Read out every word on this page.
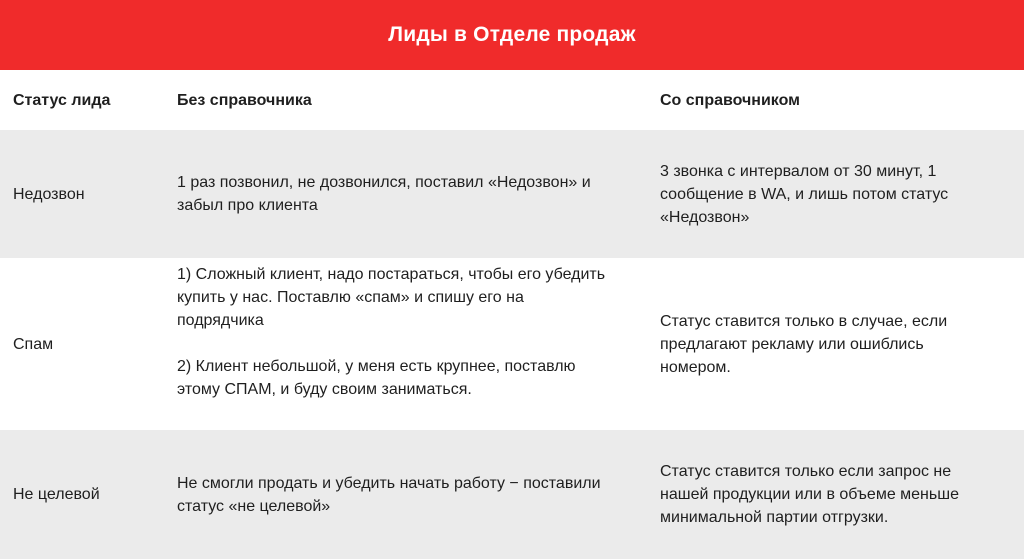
Лиды в Отделе продаж
Статус лида	Без справочника	Со справочником
Недозвон
1 раз позвонил, не дозвонился, поставил «Недозвон» и
забыл про клиента
3 звонка с интервалом от 30 минут, 1
сообщение в WA, и лишь потом статус
«Недозвон»
Спам
1) Сложный клиент, надо постараться, чтобы его убедить
купить у нас. Поставлю «спам» и спишу его на
подрядчика

2) Клиент небольшой, у меня есть крупнее, поставлю
этому СПАМ, и буду своим заниматься.
Статус ставится только в случае, если
предлагают рекламу или ошиблись
номером.
Не целевой
Не смогли продать и убедить начать работу − поставили
статус «не целевой»
Статус ставится только если запрос не
нашей продукции или в объеме меньше
минимальной партии отгрузки.
